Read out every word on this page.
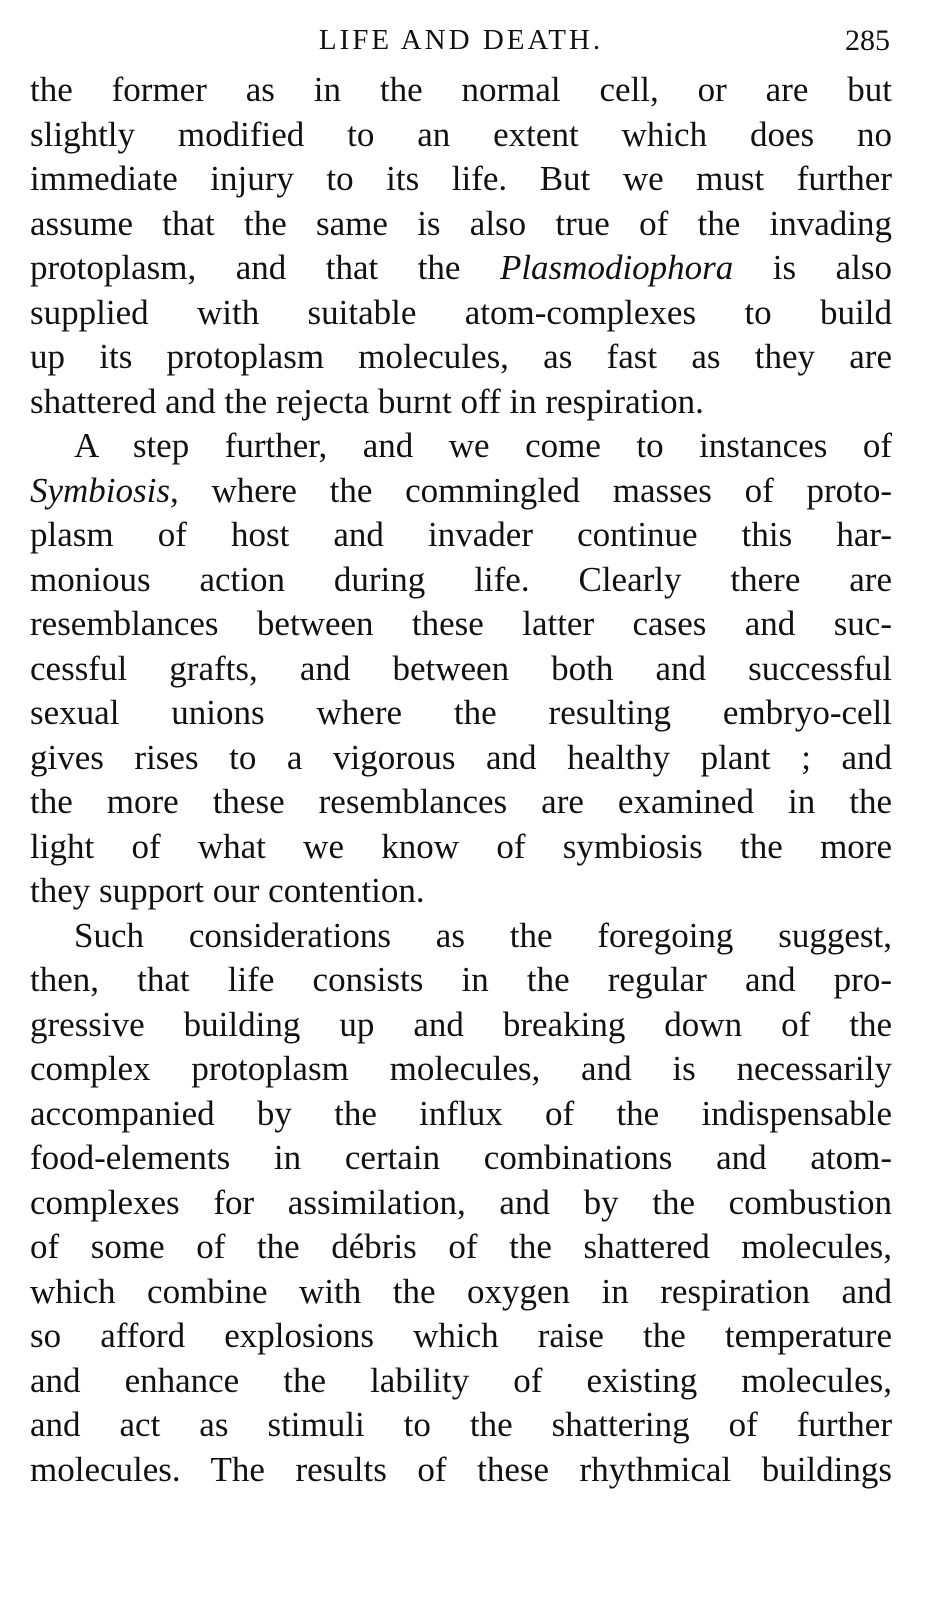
LIFE AND DEATH.	285
the former as in the normal cell, or are but
slightly modified to an extent which does no
immediate injury to its life. But we must further
assume that the same is also true of the invading
protoplasm, and that the Plasmodiophora is also
supplied with suitable atom-complexes to build
up its protoplasm molecules, as fast as they are
shattered and the rejecta burnt off in respiration.
A step further, and we come to instances of
Symbiosis, where the commingled masses of proto-
plasm of host and invader continue this har-
monious action during life. Clearly there are
resemblances between these latter cases and suc-
cessful grafts, and between both and successful
sexual unions where the resulting embryo-cell
gives rises to a vigorous and healthy plant ; and
the more these resemblances are examined in the
light of what we know of symbiosis the more
they support our contention.
Such considerations as the foregoing suggest,
then, that life consists in the regular and pro-
gressive building up and breaking down of the
complex protoplasm molecules, and is necessarily
accompanied by the influx of the indispensable
food-elements in certain combinations and atom-
complexes for assimilation, and by the combustion
of some of the débris of the shattered molecules,
which combine with the oxygen in respiration and
so afford explosions which raise the temperature
and enhance the lability of existing molecules,
and act as stimuli to the shattering of further
molecules. The results of these rhythmical buildings
